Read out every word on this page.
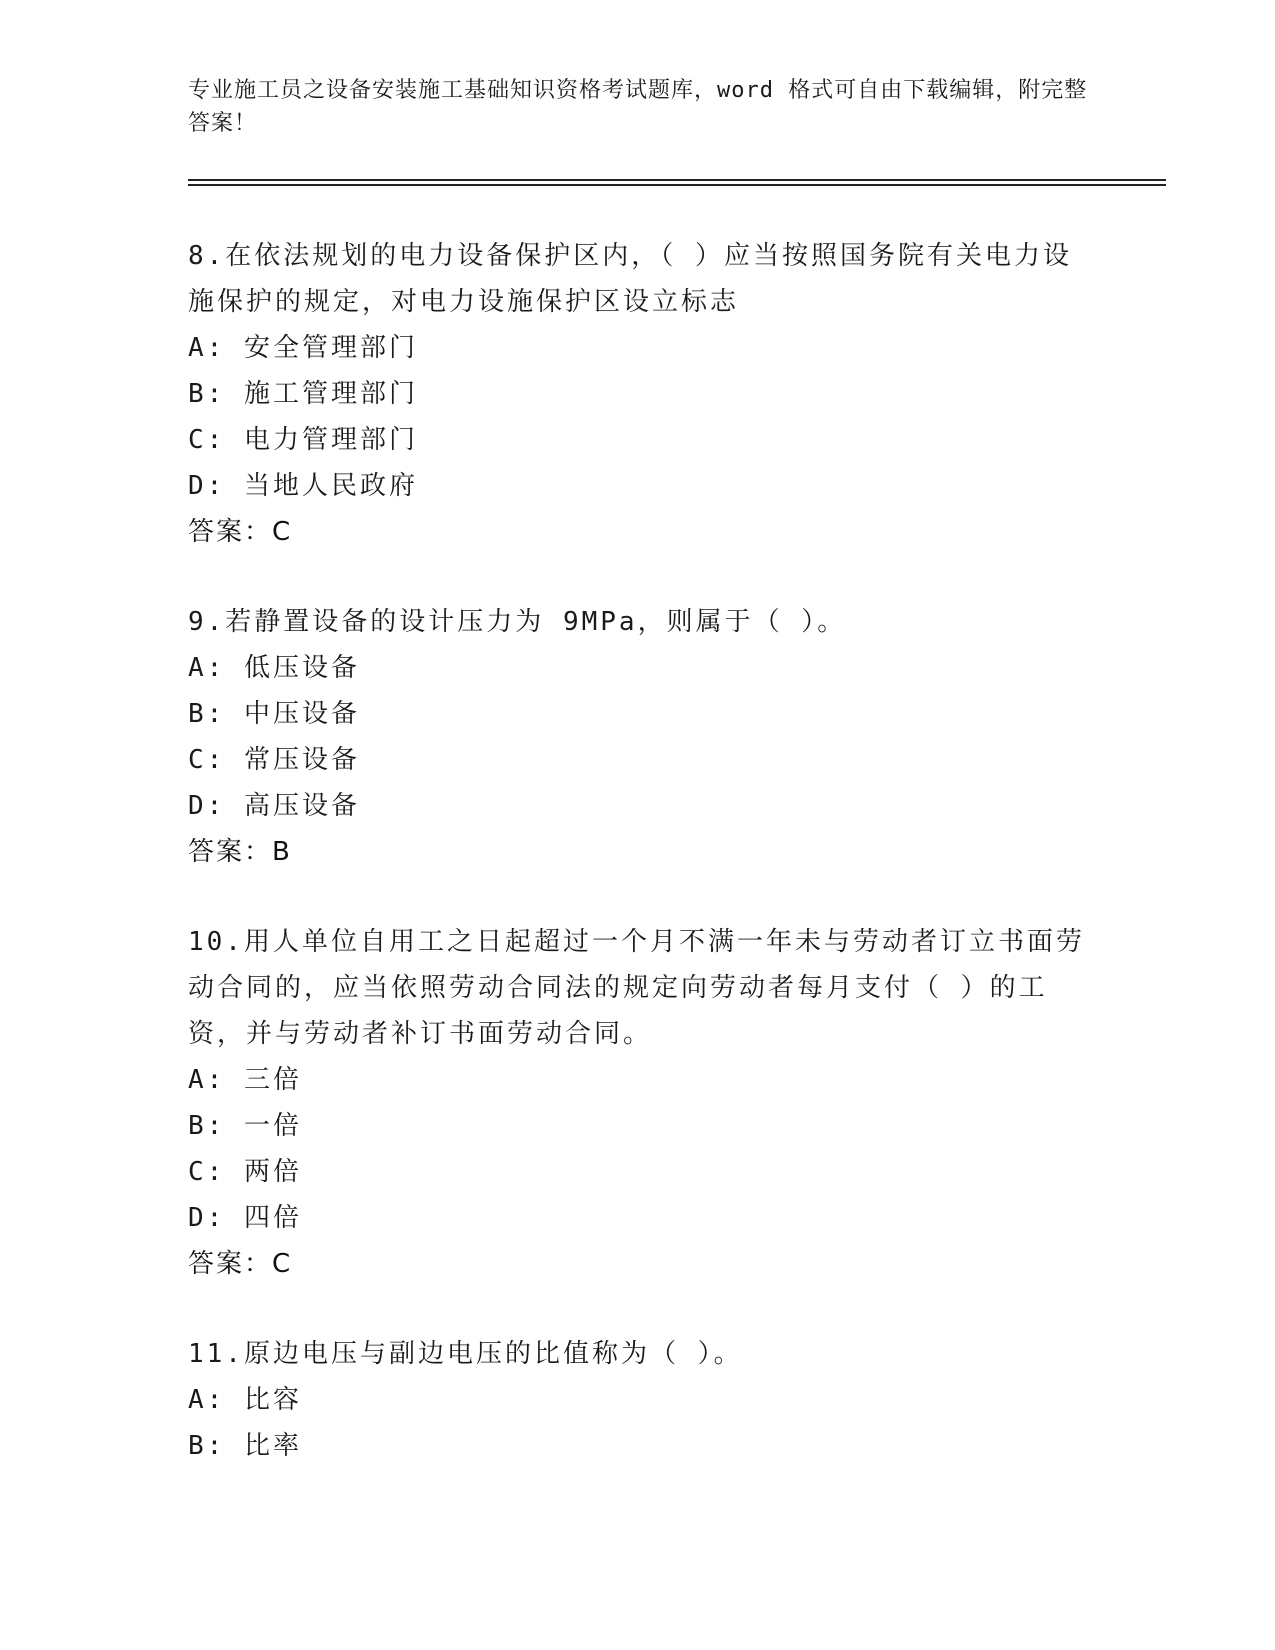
专业施工员之设备安装施工基础知识资格考试题库，word 格式可自由下载编辑，附完整答案！

8.在依法规划的电力设备保护区内，（ ）应当按照国务院有关电力设施保护的规定，对电力设施保护区设立标志

A: 安全管理部门
B: 施工管理部门
C: 电力管理部门
D: 当地人民政府
答案：C

9.若静置设备的设计压力为 9MPa，则属于（ ）。

A: 低压设备
B: 中压设备
C: 常压设备
D: 高压设备
答案：B

10.用人单位自用工之日起超过一个月不满一年未与劳动者订立书面劳动合同的，应当依照劳动合同法的规定向劳动者每月支付（ ）的工资，并与劳动者补订书面劳动合同。

A: 三倍
B: 一倍
C: 两倍
D: 四倍
答案：C

11.原边电压与副边电压的比值称为（ ）。

A: 比容
B: 比率
